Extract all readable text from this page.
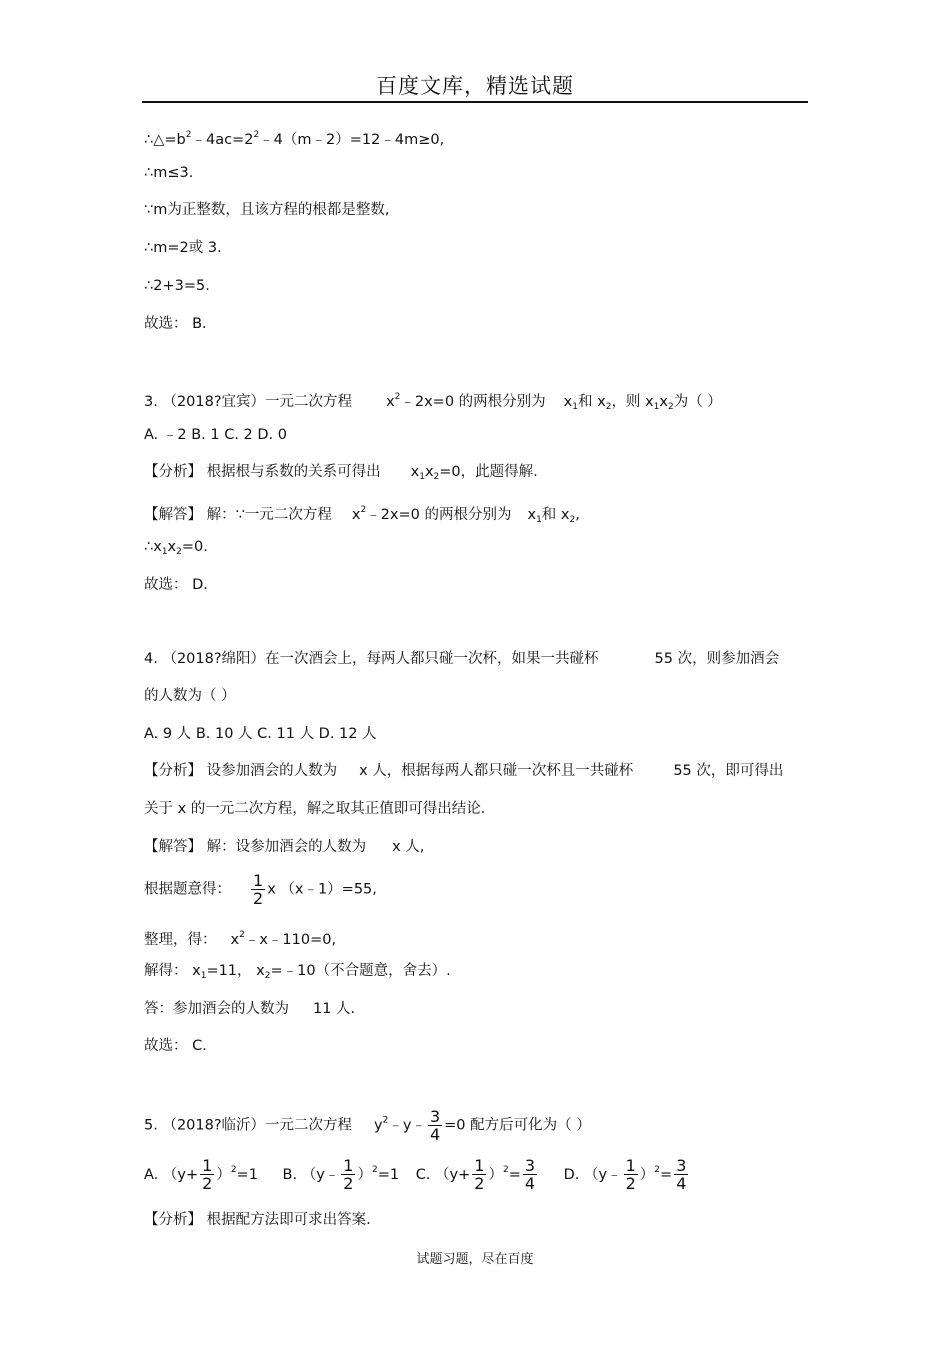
百度文库，精选试题
$\therefore\triangle=b^2﹣4ac=2^2﹣4(m﹣2)=12﹣4m\ge 0$,
∴m≤3.
∵m为正整数，且该方程的根都是整数,
∴m=2或 3.
∴2+3=5.
故选： B.
3. （2018?宜宾）一元二次方程 $x^2﹣2x=0$ 的两根分别为 $x_1$和 $x_2$，则 $x_1x_2$为（ ）
A. ﹣2 B. 1 C. 2 D. 0
【分析】 根据根与系数的关系可得出 $x_1x_2=0$，此题得解.
【解答】 解：∵一元二次方程 $x^2﹣2x=0$ 的两根分别为 $x_1$和 $x_2$,
$\therefore x_1x_2=0$.
故选： D.
4. （2018?绵阳）在一次酒会上，每两人都只碰一次杯，如果一共碰杯	55 次，则参加酒会
的人数为（ ）
A. 9 人 B. 10 人 C. 11 人 D. 12 人
【分析】 设参加酒会的人数为 x 人，根据每两人都只碰一次杯且一共碰杯	55 次，即可得出
关于 x 的一元二次方程，解之取其正值即可得出结论.
【解答】 解：设参加酒会的人数为 x 人,
根据题意得： $\frac{1}{2}$ x （x﹣1）=55,
整理，得： $x^2﹣x﹣110=0$,
解得： $x_1=11$， $x_2=﹣10$（不合题意，舍去）.
答：参加酒会的人数为 11 人.
故选： C.
5. （2018?临沂）一元二次方程 $y^2﹣y﹣ \frac{3}{4} =0$ 配方后可化为（ ）
A. $(y+ \frac{1}{2} )^2=1$ B. （y﹣ $\frac{1}{2} )^2=1$ C. $(y+ \frac{1}{2} )^2= \frac{3}{4} D$. （y﹣ $\frac{1}{2} )^2= \frac{3}{4}$
【分析】 根据配方法即可求出答案.
试题习题，尽在百度
